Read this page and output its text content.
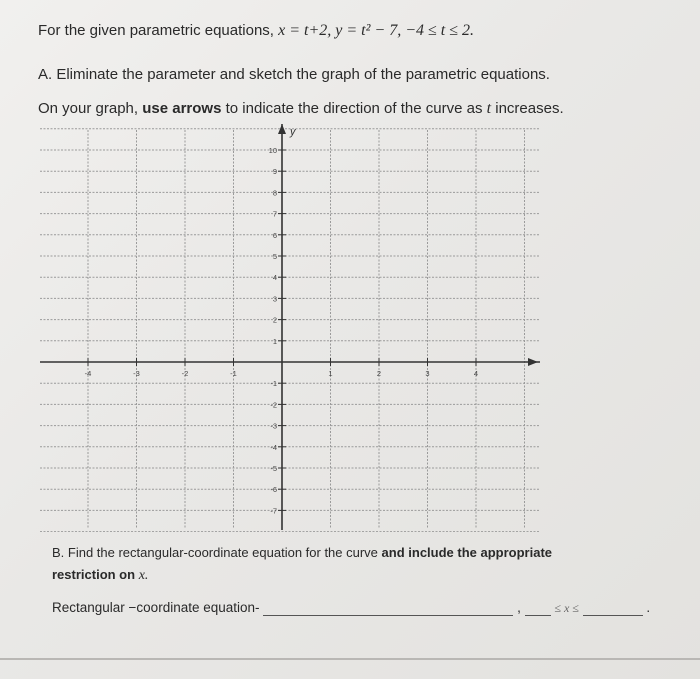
For the given parametric equations, x = t+2, y = t² − 7, −4 ≤ t ≤ 2.
A. Eliminate the parameter and sketch the graph of the parametric equations.
On your graph, use arrows to indicate the direction of the curve as t increases.
y
-4	-3	-2	-1	1	2	3	4
10
9
8
7
6
5
4
3
2
1
-1
-2
-3
-4
-5
-6
-7
B. Find the rectangular-coordinate equation for the curve and include the appropriate
restriction on x.
Rectangular −coordinate equation-	,	≤ x ≤	.
